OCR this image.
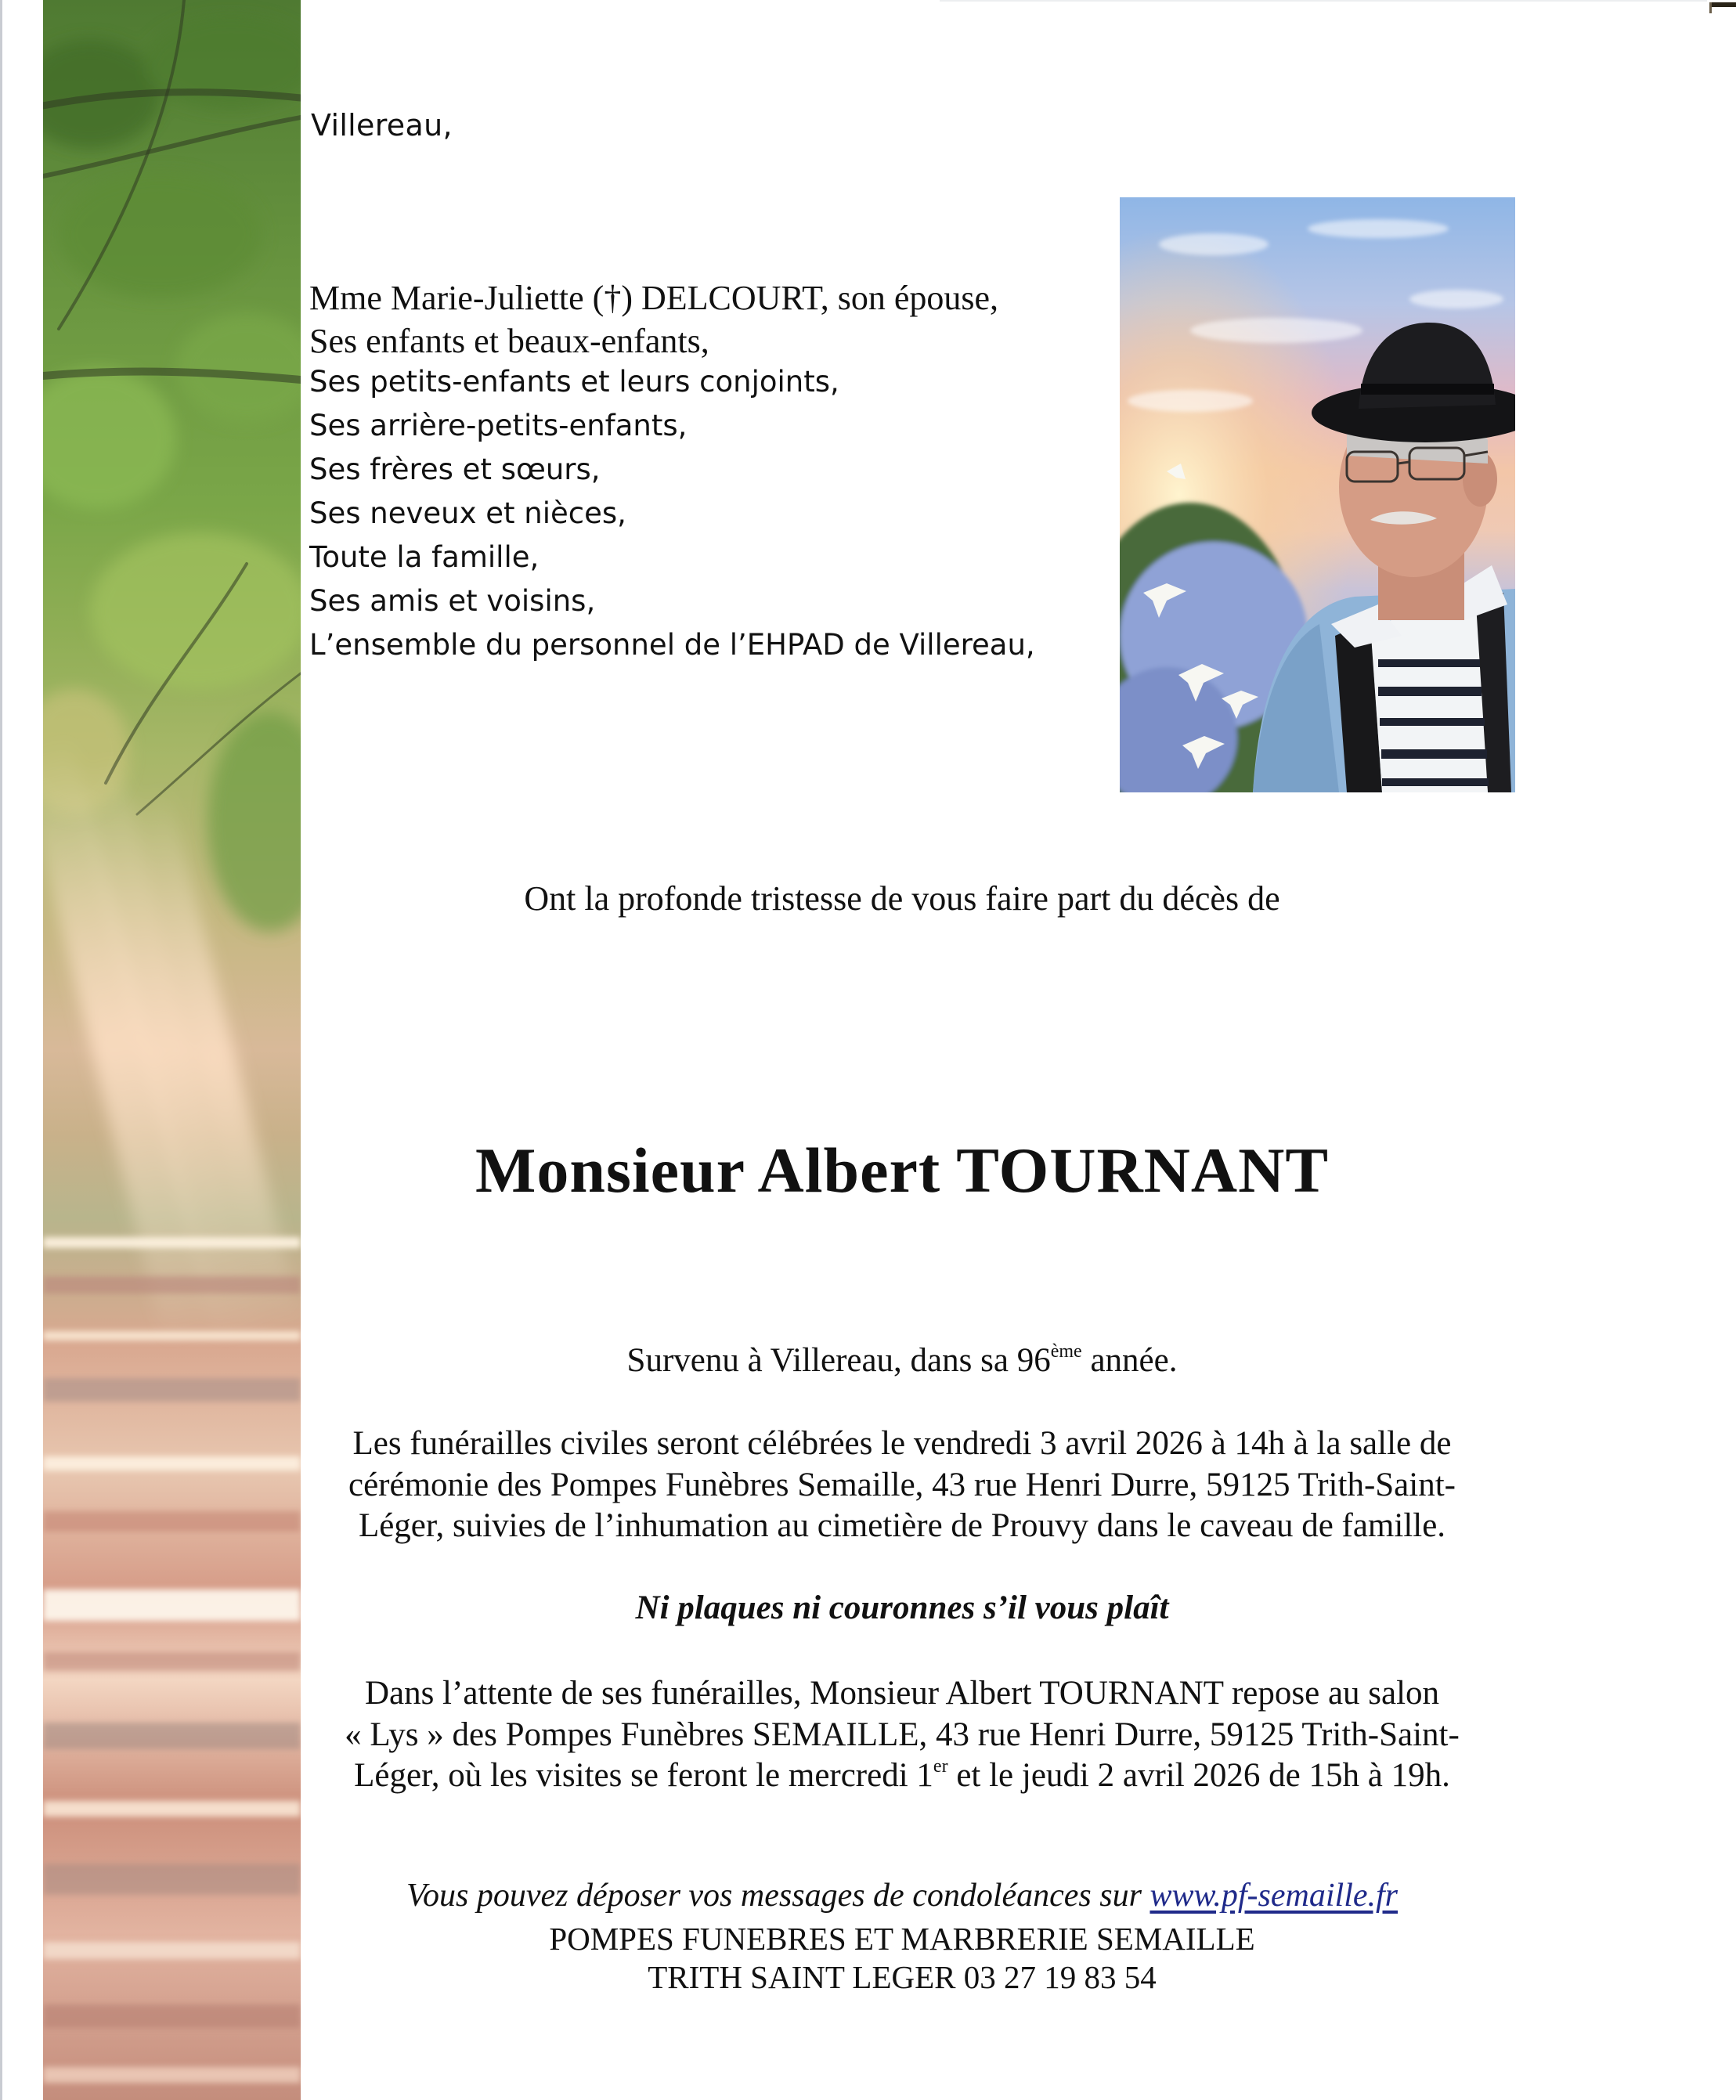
Villereau,
Mme Marie-Juliette (†) DELCOURT, son épouse,
Ses enfants et beaux-enfants,
Ses petits-enfants et leurs conjoints,
Ses arrière-petits-enfants,
Ses frères et sœurs,
Ses neveux et nièces,
Toute la famille,
Ses amis et voisins,
L’ensemble du personnel de l’EHPAD de Villereau,
Ont la profonde tristesse de vous faire part du décès de
Monsieur Albert TOURNANT
Survenu à Villereau, dans sa 96ème année.
Les funérailles civiles seront célébrées le vendredi 3 avril 2026 à 14h à la salle de
cérémonie des Pompes Funèbres Semaille, 43 rue Henri Durre, 59125 Trith-Saint-
Léger, suivies de l’inhumation au cimetière de Prouvy dans le caveau de famille.
Ni plaques ni couronnes s’il vous plaît
Dans l’attente de ses funérailles, Monsieur Albert TOURNANT repose au salon
« Lys » des Pompes Funèbres SEMAILLE, 43 rue Henri Durre, 59125 Trith-Saint-
Léger, où les visites se feront le mercredi 1er et le jeudi 2 avril 2026 de 15h à 19h.
Vous pouvez déposer vos messages de condoléances sur www.pf-semaille.fr
POMPES FUNEBRES ET MARBRERIE SEMAILLE
TRITH SAINT LEGER 03 27 19 83 54
